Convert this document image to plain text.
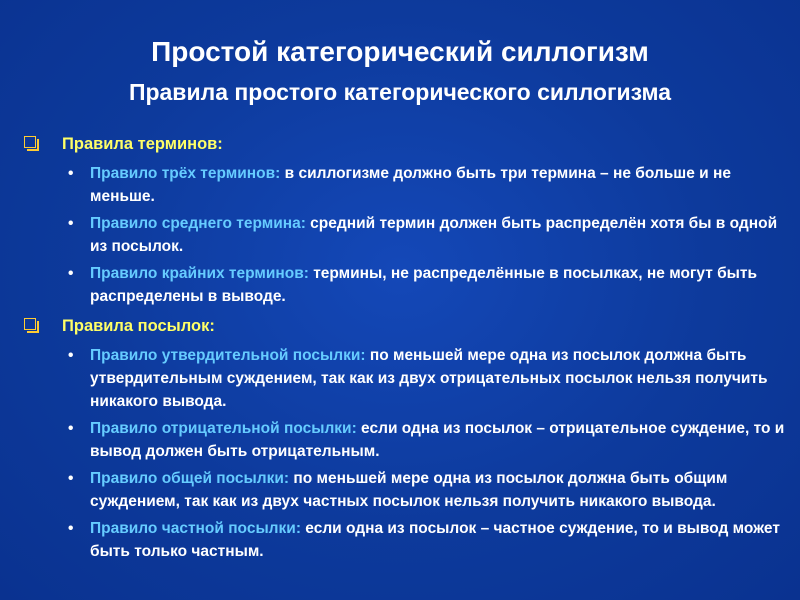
Простой категорический силлогизм
Правила простого категорического силлогизма
Правила терминов:
• Правило трёх терминов: в силлогизме должно быть три термина – не больше и не меньше.
• Правило среднего термина: средний термин должен быть распределён хотя бы в одной из посылок.
• Правило крайних терминов: термины, не распределённые в посылках, не могут быть распределены в выводе.
Правила посылок:
• Правило утвердительной посылки: по меньшей мере одна из посылок должна быть утвердительным суждением, так как из двух отрицательных посылок нельзя получить никакого вывода.
• Правило отрицательной посылки: если одна из посылок – отрицательное суждение, то и вывод должен быть отрицательным.
• Правило общей посылки: по меньшей мере одна из посылок должна быть общим суждением, так как из двух частных посылок нельзя получить никакого вывода.
• Правило частной посылки: если одна из посылок – частное суждение, то и вывод может быть только частным.
